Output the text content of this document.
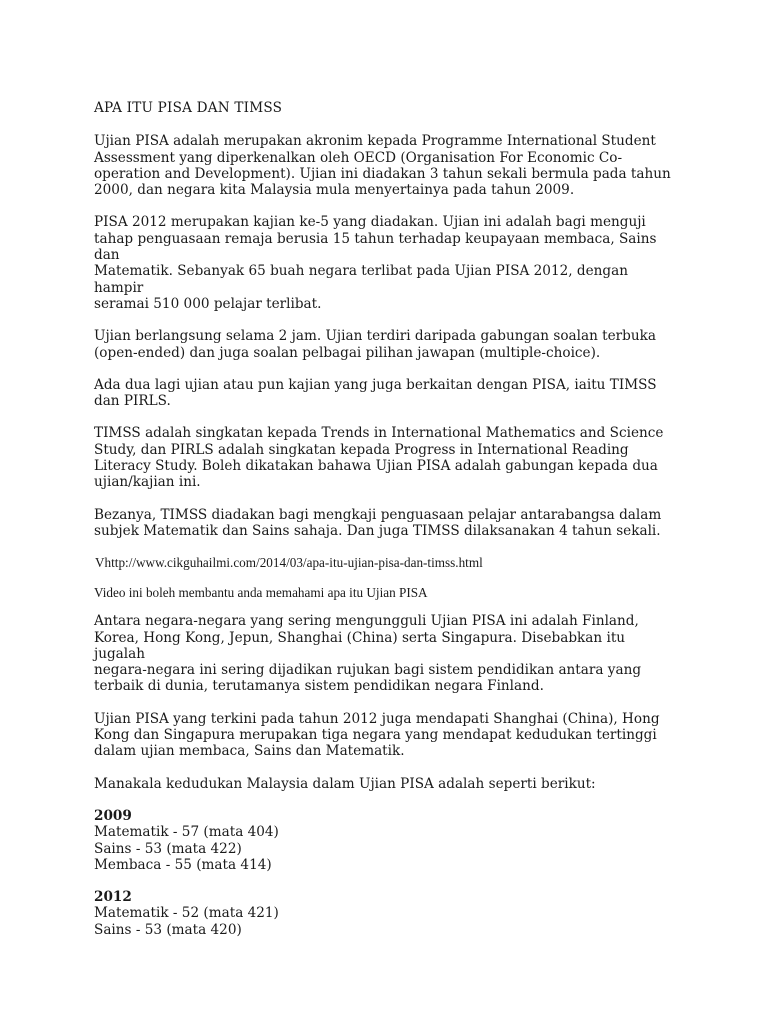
APA ITU PISA DAN TIMSS

Ujian PISA adalah merupakan akronim kepada Programme International Student
Assessment yang diperkenalkan oleh OECD (Organisation For Economic Co-
operation and Development). Ujian ini diadakan 3 tahun sekali bermula pada tahun
2000, dan negara kita Malaysia mula menyertainya pada tahun 2009.

PISA 2012 merupakan kajian ke-5 yang diadakan. Ujian ini adalah bagi menguji
tahap penguasaan remaja berusia 15 tahun terhadap keupayaan membaca, Sains dan
Matematik. Sebanyak 65 buah negara terlibat pada Ujian PISA 2012, dengan hampir
seramai 510 000 pelajar terlibat.

Ujian berlangsung selama 2 jam. Ujian terdiri daripada gabungan soalan terbuka
(open-ended) dan juga soalan pelbagai pilihan jawapan (multiple-choice).

Ada dua lagi ujian atau pun kajian yang juga berkaitan dengan PISA, iaitu TIMSS
dan PIRLS.

TIMSS adalah singkatan kepada Trends in International Mathematics and Science
Study, dan PIRLS adalah singkatan kepada Progress in International Reading
Literacy Study. Boleh dikatakan bahawa Ujian PISA adalah gabungan kepada dua
ujian/kajian ini.

Bezanya, TIMSS diadakan bagi mengkaji penguasaan pelajar antarabangsa dalam
subjek Matematik dan Sains sahaja. Dan juga TIMSS dilaksanakan 4 tahun sekali.

Vhttp://www.cikguhailmi.com/2014/03/apa-itu-ujian-pisa-dan-timss.html

Video ini boleh membantu anda memahami apa itu Ujian PISA

Antara negara-negara yang sering mengungguli Ujian PISA ini adalah Finland,
Korea, Hong Kong, Jepun, Shanghai (China) serta Singapura. Disebabkan itu jugalah
negara-negara ini sering dijadikan rujukan bagi sistem pendidikan antara yang
terbaik di dunia, terutamanya sistem pendidikan negara Finland.

Ujian PISA yang terkini pada tahun 2012 juga mendapati Shanghai (China), Hong
Kong dan Singapura merupakan tiga negara yang mendapat kedudukan tertinggi
dalam ujian membaca, Sains dan Matematik.

Manakala kedudukan Malaysia dalam Ujian PISA adalah seperti berikut:

2009
Matematik - 57 (mata 404)
Sains - 53 (mata 422)
Membaca - 55 (mata 414)
2012
Matematik - 52 (mata 421)
Sains - 53 (mata 420)
